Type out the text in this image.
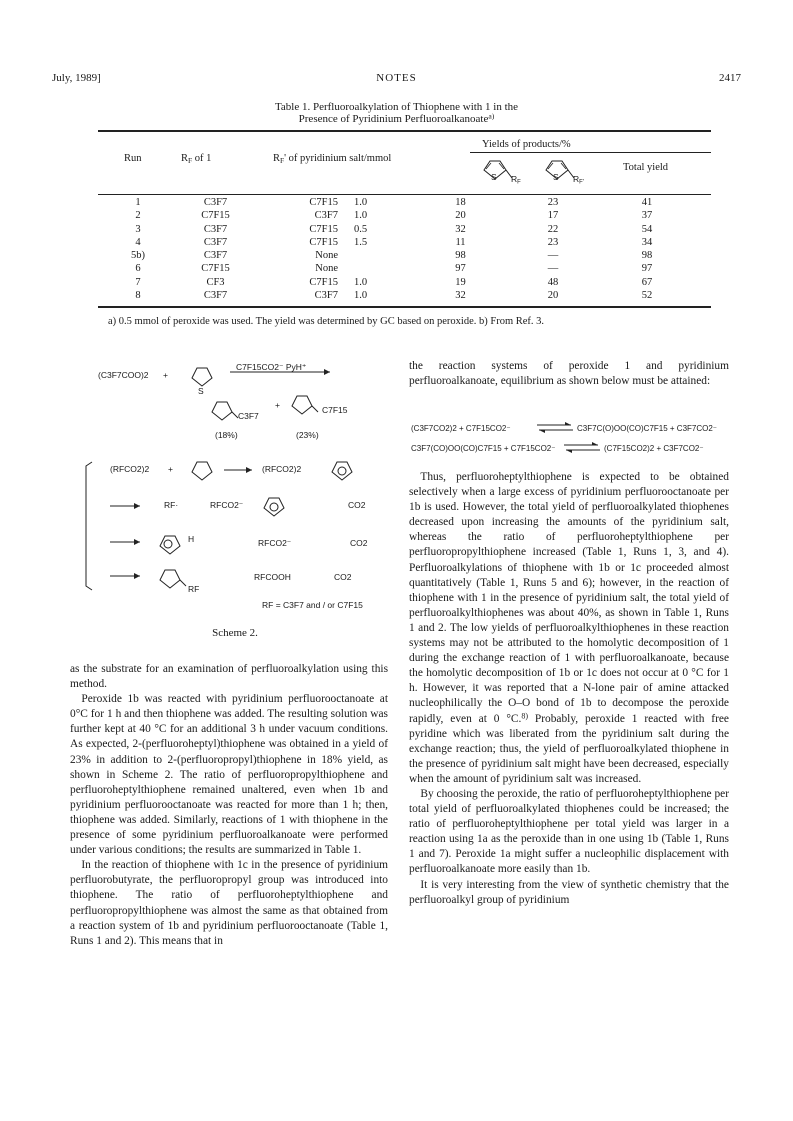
July, 1989]	NOTES	2417
Table 1. Perfluoroalkylation of Thiophene with 1 in the
Presence of Pyridinium Perfluoroalkanoate$^{a)}$
Run	$R_F$ of 1	$R_F'$ of pyridinium salt/mmol
Yields of products/%
Total yield
S $R_F$
S $R_{F'}$
1	C3F7	C7F15	1.0	18	23	41
2	C7F15	C3F7	1.0	20	17	37
3	C3F7	C7F15	0.5	32	22	54
4	C3F7	C7F15	1.5	11	23	34
5b)	C3F7	None		98	—	98
6	C7F15	None		97	—	97
7	CF3	C7F15	1.0	19	48	67
8	C3F7	C3F7	1.0	32	20	52
a) 0.5 mmol of peroxide was used. The yield was determined by GC based on peroxide. b) From Ref. 3.
(C3F7COO)2 +
S
C7F15CO2⁻ PyH⁺
+
C3F7
C7F15
(18%)	(23%)
(RFCO2)2 +	(RFCO2)2
RF·	RFCO2⁻	CO2
H	RFCO2⁻	CO2
RF
RFCOOH	CO2
RF = C3F7 and / or C7F15
Scheme 2.

as the substrate for an examination of perfluoroalkylation using this method.

Peroxide 1b was reacted with pyridinium perfluorooctanoate at 0°C for 1 h and then thiophene was added. The resulting solution was further kept at 40 °C for an additional 3 h under vacuum conditions. As expected, 2-(perfluoroheptyl)thiophene was obtained in a yield of 23% in addition to 2-(perfluoropropyl)thiophene in 18% yield, as shown in Scheme 2. The ratio of perfluoropropylthiophene and perfluoroheptylthiophene remained unaltered, even when 1b and pyridinium perfluorooctanoate was reacted for more than 1 h; then, thiophene was added. Similarly, reactions of 1 with thiophene in the presence of some pyridinium perfluoroalkanoate were performed under various conditions; the results are summarized in Table 1.

In the reaction of thiophene with 1c in the presence of pyridinium perfluorobutyrate, the perfluoropropyl group was introduced into thiophene. The ratio of perfluoroheptylthiophene and perfluoropropylthiophene was almost the same as that obtained from a reaction system of 1b and pyridinium perfluorooctanoate (Table 1, Runs 1 and 2). This means that in

the reaction systems of peroxide 1 and pyridinium perfluoroalkanoate, equilibrium as shown below must be attained:

(C3F7CO2)2 + C7F15CO2⁻ ⇌ C3F7C(O)OO(CO)C7F15 + C3F7CO2⁻
C3F7(CO)OO(CO)C7F15 + C7F15CO2⁻ ⇌ (C7F15CO2)2 + C3F7CO2⁻

Thus, perfluoroheptylthiophene is expected to be obtained selectively when a large excess of pyridinium perfluorooctanoate per 1b is used. However, the total yield of perfluoroalkylated thiophenes decreased upon increasing the amounts of the pyridinium salt, whereas the ratio of perfluoroheptylthiophene per perfluoropropylthiophene increased (Table 1, Runs 1, 3, and 4). Perfluoroalkylations of thiophene with 1b or 1c proceeded almost quantitatively (Table 1, Runs 5 and 6); however, in the reaction of thiophene with 1 in the presence of pyridinium salt, the total yield of perfluoroalkylthiophenes was about 40%, as shown in Table 1, Runs 1 and 2. The low yields of perfluoroalkylthiophenes in these reaction systems may not be attributed to the homolytic decomposition of 1 during the exchange reaction of 1 with perfluoroalkanoate, because the homolytic decomposition of 1b or 1c does not occur at 0 °C for 1 h. However, it was reported that a N-lone pair of amine attacked nucleophilically the O–O bond of 1b to decompose the peroxide rapidly, even at 0 °C.$^{8)}$ Probably, peroxide 1 reacted with free pyridine which was liberated from the pyridinium salt during the exchange reaction; thus, the yield of perfluoroalkylated thiophene in the presence of pyridinium salt might have been decreased, especially when the amount of pyridinium salt was increased.

By choosing the peroxide, the ratio of perfluoroheptylthiophene per total yield of perfluoroalkylated thiophenes could be increased; the ratio of perfluoroheptylthiophene per total yield was larger in a reaction using 1a as the peroxide than in one using 1b (Table 1, Runs 1 and 7). Peroxide 1a might suffer a nucleophilic displacement with perfluoroalkanoate more easily than 1b.

It is very interesting from the view of synthetic chemistry that the perfluoroalkyl group of pyridinium
